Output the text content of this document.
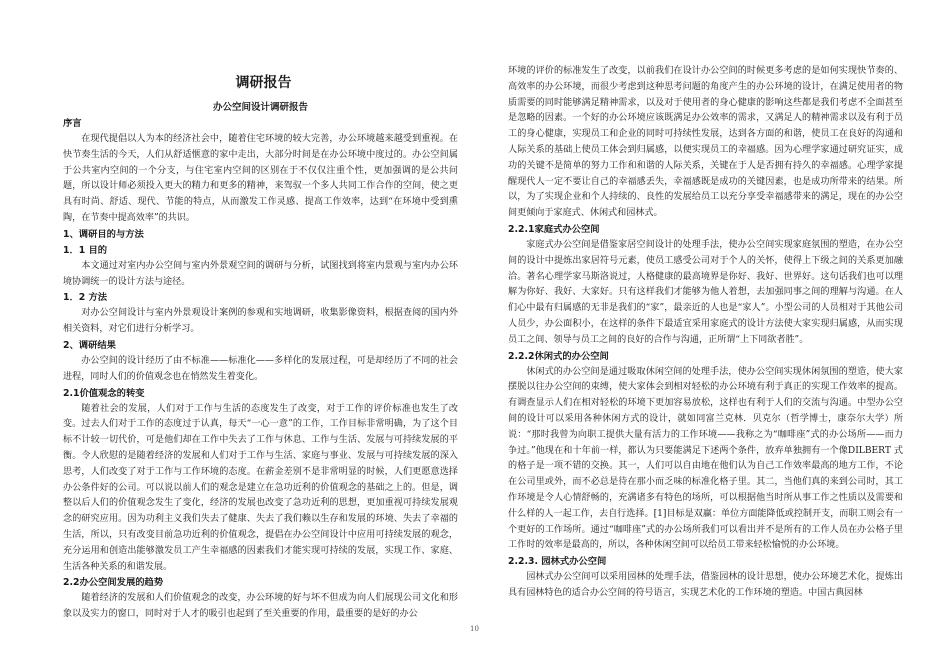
调研报告
办公空间设计调研报告
序言

在现代提倡以人为本的经济社会中，随着住宅环境的较大完善，办公环境越来越受到重视。在快节奏生活的今天，人们从舒适惬意的家中走出，大部分时间是在办公环境中度过的。办公空间属于公共室内空间的一个分支，与住宅室内空间的区别在于不仅仅注重个性，更加强调的是公共问题，所以设计师必须投入更大的精力和更多的精神，来驾驭一个多人共同工作合作的空间，使之更具有时尚、舒适、现代、节能的特点，从而激发工作灵感、提高工作效率，达到“在环境中受到熏陶，在节奏中提高效率”的共识。

1、调研目的与方法
1．1 目的

本文通过对室内办公空间与室内外景观空间的调研与分析，试图找到将室内景观与室内办公环境协调统一的设计方法与途径。

1．2 方法

对办公空间设计与室内外景观设计案例的参观和实地调研，收集影像资料，根据查阅的国内外相关资料，对它们进行分析学习。

2、调研结果

办公空间的设计经历了由不标准——标准化——多样化的发展过程，可是却经历了不同的社会进程，同时人们的价值观念也在悄然发生着变化。

2.1价值观念的转变

随着社会的发展，人们对于工作与生活的态度发生了改变，对于工作的评价标准也发生了改变。过去人们对于工作的态度过于认真，每天“一心一意”的工作，工作目标非常明确，为了这个目标不计较一切代价，可是他们却在工作中失去了工作与休息、工作与生活、发展与可持续发展的平衡。令人欣慰的是随着经济的发展和人们对于工作与生活、家庭与事业、发展与可持续发展的深入思考，人们改变了对于工作与工作环境的态度。在薪金差别不是非常明显的时候，人们更愿意选择办公条件好的公司。可以说以前人们的观念是建立在急功近利的价值观念的基础之上的。但是，调整以后人们的价值观念发生了变化，经济的发展也改变了急功近利的思想，更加重视可持续发展观念的研究应用。因为功利主义我们失去了健康、失去了我们赖以生存和发展的环境、失去了幸福的生活，所以，只有改变目前急功近利的价值观念，提倡在办公空间设计中应用可持续发展的观念，充分运用和创造出能够激发员工产生幸福感的因素我们才能实现可持续的发展，实现工作、家庭、生活各种关系的和谐发展。

2.2办公空间发展的趋势

随着经济的发展和人们价值观念的改变，办公环境的好与坏不但成为向人们展现公司文化和形象以及实力的窗口，同时对于人才的吸引也起到了至关重要的作用，最重要的是好的办公

环境的评价的标准发生了改变，以前我们在设计办公空间的时候更多考虑的是如何实现快节奏的、高效率的办公环境，而很少考虑到这种思考问题的角度产生的办公环境的设计，在满足使用者的物质需要的同时能够满足精神需求，以及对于使用者的身心健康的影响这些都是我们考虑不全面甚至是忽略的因素。一个好的办公环境应该既满足办公效率的需求，又满足人的精神需求以及有利于员工的身心健康，实现员工和企业的同时可持续性发展，达到各方面的和谐，使员工在良好的沟通和人际关系的基础上使员工体会到归属感，以便实现员工的幸福感。因为心理学家通过研究证实，成功的关键不是简单的努力工作和和谐的人际关系，关键在于人是否拥有持久的幸福感。心理学家提醒现代人一定不要让自己的幸福感丢失，幸福感既是成功的关键因素，也是成功所带来的结果。所以，为了实现企业和个人持续的、良性的发展给员工以充分享受幸福感带来的满足，现在的办公空间更倾向于家庭式、休闲式和园林式。

2.2.1家庭式办公空间

家庭式办公空间是借鉴家居空间设计的处理手法，使办公空间实现家庭氛围的塑造，在办公空间的设计中提炼出家居符号元素，使员工感受公司对于个人的关怀，使得上下级之间的关系更加融洽。著名心理学家马斯洛说过，人格健康的最高境界是你好、我好、世界好。这句话我们也可以理解为你好、我好、大家好。只有这样我们才能够为他人着想，去加强同事之间的理解与沟通。在人们心中最有归属感的无非是我们的“家”，最亲近的人也是“家人”。小型公司的人员相对于其他公司人员少，办公面积小，在这样的条件下最适宜采用家庭式的设计方法使大家实现归属感，从而实现员工之间、领导与员工之间的良好的合作与沟通，正所谓“上下同欲者胜”。

2.2.2休闲式的办公空间

休闲式的办公空间是通过吸取休闲空间的处理手法，使办公空间实现休闲氛围的塑造，使大家摆脱以往办公空间的束缚，使大家体会到相对轻松的办公环境有利于真正的实现工作效率的提高。有调查显示人们在相对轻松的环境下更加容易放松，这样也有利于人们的交流与沟通。中型办公空间的设计可以采用各种休闲方式的设计，就如同富兰克林．贝克尔（哲学博士，康奈尔大学）所说：“那时我曾为向职工提供大量有活力的工作环境——我称之为“咖啡座”式的办公场所——而力争过。”他现在和十年前一样，都认为只要能满足下述两个条件，放弃单独拥有一个像DILBERT 式的格子是一项不错的交换。其一，人们可以自由地在他们认为自己工作效率最高的地方工作，不论在公司里或外，而不必总是待在那小而乏味的标准化格子里。其二，当他们真的来到公司时，其工作环境是令人心情舒畅的，充满诸多有特色的场所，可以根据他当时所从事工作之性质以及需要和什么样的人一起工作，去自行选择。[1]目标是双赢：单位方面能降低或控制开支，而职工则会有一个更好的工作场所。通过“咖啡座”式的办公场所我们可以看出并不是所有的工作人员在办公格子里工作时的效率是最高的，所以，各种休闲空间可以给员工带来轻松愉悦的办公环境。

2.2.3. 园林式办公空间

园林式办公空间可以采用园林的处理手法，借鉴园林的设计思想，使办公环境艺术化，提炼出具有园林特色的适合办公空间的符号语言，实现艺术化的工作环境的塑造。中国古典园林

10
